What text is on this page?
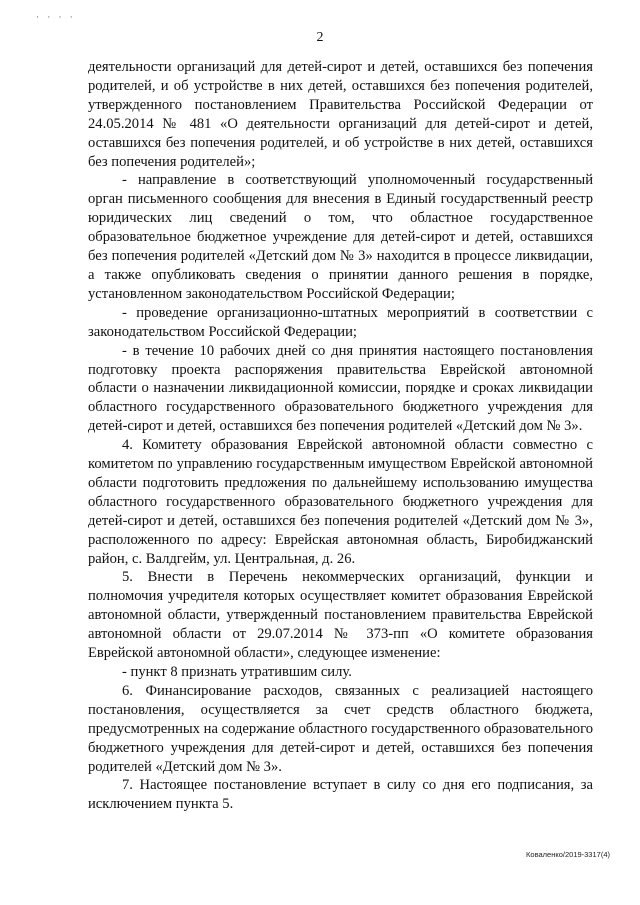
· · · ·
2

деятельности организаций для детей-сирот и детей, оставшихся без попечения родителей, и об устройстве в них детей, оставшихся без попечения родителей, утвержденного постановлением Правительства Российской Федерации от 24.05.2014 № 481 «О деятельности организаций для детей-сирот и детей, оставшихся без попечения родителей, и об устройстве в них детей, оставшихся без попечения родителей»;

- направление в соответствующий уполномоченный государственный орган письменного сообщения для внесения в Единый государственный реестр юридических лиц сведений о том, что областное государственное образовательное бюджетное учреждение для детей-сирот и детей, оставшихся без попечения родителей «Детский дом № 3» находится в процессе ликвидации, а также опубликовать сведения о принятии данного решения в порядке, установленном законодательством Российской Федерации;

- проведение организационно-штатных мероприятий в соответствии с законодательством Российской Федерации;

- в течение 10 рабочих дней со дня принятия настоящего постановления подготовку проекта распоряжения правительства Еврейской автономной области о назначении ликвидационной комиссии, порядке и сроках ликвидации областного государственного образовательного бюджетного учреждения для детей-сирот и детей, оставшихся без попечения родителей «Детский дом № 3».

4. Комитету образования Еврейской автономной области совместно с комитетом по управлению государственным имуществом Еврейской автономной области подготовить предложения по дальнейшему использованию имущества областного государственного образовательного бюджетного учреждения для детей-сирот и детей, оставшихся без попечения родителей «Детский дом № 3», расположенного по адресу: Еврейская автономная область, Биробиджанский район, с. Валдгейм, ул. Центральная, д. 26.

5. Внести в Перечень некоммерческих организаций, функции и полномочия учредителя которых осуществляет комитет образования Еврейской автономной области, утвержденный постановлением правительства Еврейской автономной области от 29.07.2014 № 373-пп «О комитете образования Еврейской автономной области», следующее изменение:

- пункт 8 признать утратившим силу.

6. Финансирование расходов, связанных с реализацией настоящего постановления, осуществляется за счет средств областного бюджета, предусмотренных на содержание областного государственного образовательного бюджетного учреждения для детей-сирот и детей, оставшихся без попечения родителей «Детский дом № 3».

7. Настоящее постановление вступает в силу со дня его подписания, за исключением пункта 5.

Коваленко/2019-3317(4)
